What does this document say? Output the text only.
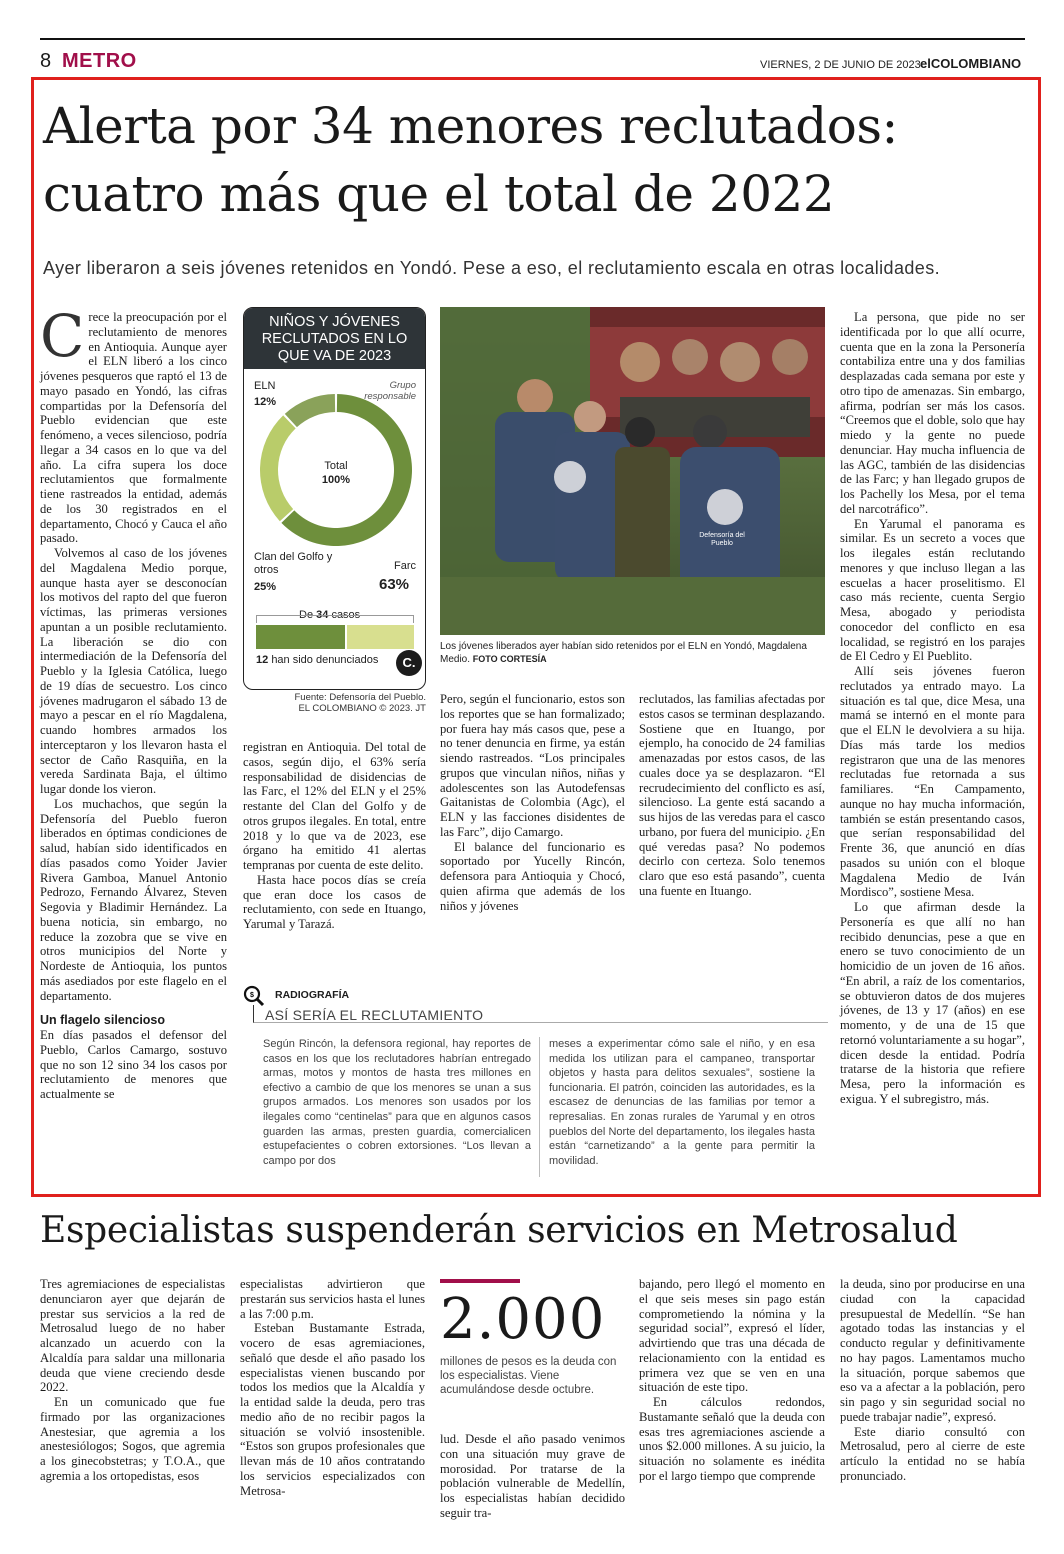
8 METRO	VIERNES, 2 DE JUNIO DE 2023 elCOLOMBIANO
Alerta por 34 menores reclutados:
cuatro más que el total de 2022
Ayer liberaron a seis jóvenes retenidos en Yondó. Pese a eso, el reclutamiento escala en otras localidades.

Crece la preocupación por el reclutamiento de menores en Antioquia. Aunque ayer el ELN liberó a los cinco jóvenes pesqueros que raptó el 13 de mayo pasado en Yondó, las cifras compartidas por la Defensoría del Pueblo evidencian que este fenómeno, a veces silencioso, podría llegar a 34 casos en lo que va del año. La cifra supera los doce reclutamientos que formalmente tiene rastreados la entidad, además de los 30 registrados en el departamento, Chocó y Cauca el año pasado.

Volvemos al caso de los jóvenes del Magdalena Medio porque, aunque hasta ayer se desconocían los motivos del rapto del que fueron víctimas, las primeras versiones apuntan a un posible reclutamiento. La liberación se dio con intermediación de la Defensoría del Pueblo y la Iglesia Católica, luego de 19 días de secuestro. Los cinco jóvenes madrugaron el sábado 13 de mayo a pescar en el río Magdalena, cuando hombres armados los interceptaron y los llevaron hasta el sector de Caño Rasquiña, en la vereda Sardinata Baja, el último lugar donde los vieron.

Los muchachos, que según la Defensoría del Pueblo fueron liberados en óptimas condiciones de salud, habían sido identificados en días pasados como Yoider Javier Rivera Gamboa, Manuel Antonio Pedrozo, Fernando Álvarez, Steven Segovia y Bladimir Hernández. La buena noticia, sin embargo, no reduce la zozobra que se vive en otros municipios del Norte y Nordeste de Antioquia, los puntos más asediados por este flagelo en el departamento.

Un flagelo silencioso

En días pasados el defensor del Pueblo, Carlos Camargo, sostuvo que no son 12 sino 34 los casos por reclutamiento de menores que actualmente se

NIÑOS Y JÓVENES RECLUTADOS EN LO QUE VA DE 2023
ELN
12%
Grupo responsable
Total
100%
Clan del Golfo y otros
25%
Farc
63%
De 34 casos
12 han sido denunciados	C.
Fuente: Defensoría del Pueblo.
EL COLOMBIANO © 2023. JT

registran en Antioquia. Del total de casos, según dijo, el 63% sería responsabilidad de disidencias de las Farc, el 12% del ELN y el 25% restante del Clan del Golfo y de otros grupos ilegales. En total, entre 2018 y lo que va de 2023, ese órgano ha emitido 41 alertas tempranas por cuenta de este delito.

Hasta hace pocos días se creía que eran doce los casos de reclutamiento, con sede en Ituango, Yarumal y Tarazá.

Defensoría del Pueblo
Los jóvenes liberados ayer habían sido retenidos por el ELN en Yondó, Magdalena Medio. FOTO CORTESÍA

Pero, según el funcionario, estos son los reportes que se han formalizado; por fuera hay más casos que, pese a no tener denuncia en firme, ya están siendo rastreados. “Los principales grupos que vinculan niños, niñas y adolescentes son las Autodefensas Gaitanistas de Colombia (Agc), el ELN y las facciones disidentes de las Farc”, dijo Camargo.

El balance del funcionario es soportado por Yucelly Rincón, defensora para Antioquia y Chocó, quien afirma que además de los niños y jóvenes

reclutados, las familias afectadas por estos casos se terminan desplazando. Sostiene que en Ituango, por ejemplo, ha conocido de 24 familias amenazadas por estos casos, de las cuales doce ya se desplazaron. “El recrudecimiento del conflicto es así, silencioso. La gente está sacando a sus hijos de las veredas para el casco urbano, por fuera del municipio. ¿En qué veredas pasa? No podemos decirlo con certeza. Solo tenemos claro que eso está pasando”, cuenta una fuente en Ituango.

La persona, que pide no ser identificada por lo que allí ocurre, cuenta que en la zona la Personería contabiliza entre una y dos familias desplazadas cada semana por este y otro tipo de amenazas. Sin embargo, afirma, podrían ser más los casos. “Creemos que el doble, solo que hay miedo y la gente no puede denunciar. Hay mucha influencia de las AGC, también de las disidencias de las Farc; y han llegado grupos de los Pachelly los Mesa, por el tema del narcotráfico”.

En Yarumal el panorama es similar. Es un secreto a voces que los ilegales están reclutando menores y que incluso llegan a las escuelas a hacer proselitismo. El caso más reciente, cuenta Sergio Mesa, abogado y periodista conocedor del conflicto en esa localidad, se registró en los parajes de El Cedro y El Pueblito.

Allí seis jóvenes fueron reclutados ya entrado mayo. La situación es tal que, dice Mesa, una mamá se internó en el monte para que el ELN le devolviera a su hija. Días más tarde los medios registraron que una de las menores reclutadas fue retornada a sus familiares. “En Campamento, aunque no hay mucha información, también se están presentando casos, que serían responsabilidad del Frente 36, que anunció en días pasados su unión con el bloque Magdalena Medio de Iván Mordisco”, sostiene Mesa.

Lo que afirman desde la Personería es que allí no han recibido denuncias, pese a que en enero se tuvo conocimiento de un homicidio de un joven de 16 años. “En abril, a raíz de los comentarios, se obtuvieron datos de dos mujeres jóvenes, de 13 y 17 (años) en ese momento, y de una de 15 que retornó voluntariamente a su hogar”, dicen desde la entidad. Podría tratarse de la historia que refiere Mesa, pero la información es exigua. Y el subregistro, más.

$ RADIOGRAFÍA
ASÍ SERÍA EL RECLUTAMIENTO
Según Rincón, la defensora regional, hay reportes de casos en los que los reclutadores habrían entregado armas, motos y montos de hasta tres millones en efectivo a cambio de que los menores se unan a sus grupos armados. Los menores son usados por los ilegales como “centinelas” para que en algunos casos guarden las armas, presten guardia, comercialicen estupefacientes o cobren extorsiones. “Los llevan a campo por dos
meses a experimentar cómo sale el niño, y en esa medida los utilizan para el campaneo, transportar objetos y hasta para delitos sexuales”, sostiene la funcionaria. El patrón, coinciden las autoridades, es la escasez de denuncias de las familias por temor a represalias. En zonas rurales de Yarumal y en otros pueblos del Norte del departamento, los ilegales hasta están “carnetizando” a la gente para permitir la movilidad.
Especialistas suspenderán servicios en Metrosalud

Tres agremiaciones de especialistas denunciaron ayer que dejarán de prestar sus servicios a la red de Metrosalud luego de no haber alcanzado un acuerdo con la Alcaldía para saldar una millonaria deuda que viene creciendo desde 2022.

En un comunicado que fue firmado por las organizaciones Anestesiar, que agremia a los anestesiólogos; Sogos, que agremia a los ginecobstetras; y T.O.A., que agremia a los ortopedistas, esos

especialistas advirtieron que prestarán sus servicios hasta el lunes a las 7:00 p.m.

Esteban Bustamante Estrada, vocero de esas agremiaciones, señaló que desde el año pasado los especialistas vienen buscando por todos los medios que la Alcaldía y la entidad salde la deuda, pero tras medio año de no recibir pagos la situación se volvió insostenible. “Estos son grupos profesionales que llevan más de 10 años contratando los servicios especializados con Metrosa-

2.000
millones de pesos es la deuda con los especialistas. Viene acumulándose desde octubre.

lud. Desde el año pasado venimos con una situación muy grave de morosidad. Por tratarse de la población vulnerable de Medellín, los especialistas habían decidido seguir tra-

bajando, pero llegó el momento en el que seis meses sin pago están comprometiendo la nómina y la seguridad social”, expresó el líder, advirtiendo que tras una década de relacionamiento con la entidad es primera vez que se ven en una situación de este tipo.

En cálculos redondos, Bustamante señaló que la deuda con esas tres agremiaciones asciende a unos $2.000 millones. A su juicio, la situación no solamente es inédita por el largo tiempo que comprende

la deuda, sino por producirse en una ciudad con la capacidad presupuestal de Medellín. “Se han agotado todas las instancias y el conducto regular y definitivamente no hay pagos. Lamentamos mucho la situación, porque sabemos que eso va a afectar a la población, pero sin pago y sin seguridad social no puede trabajar nadie”, expresó.

Este diario consultó con Metrosalud, pero al cierre de este artículo la entidad no se había pronunciado.
